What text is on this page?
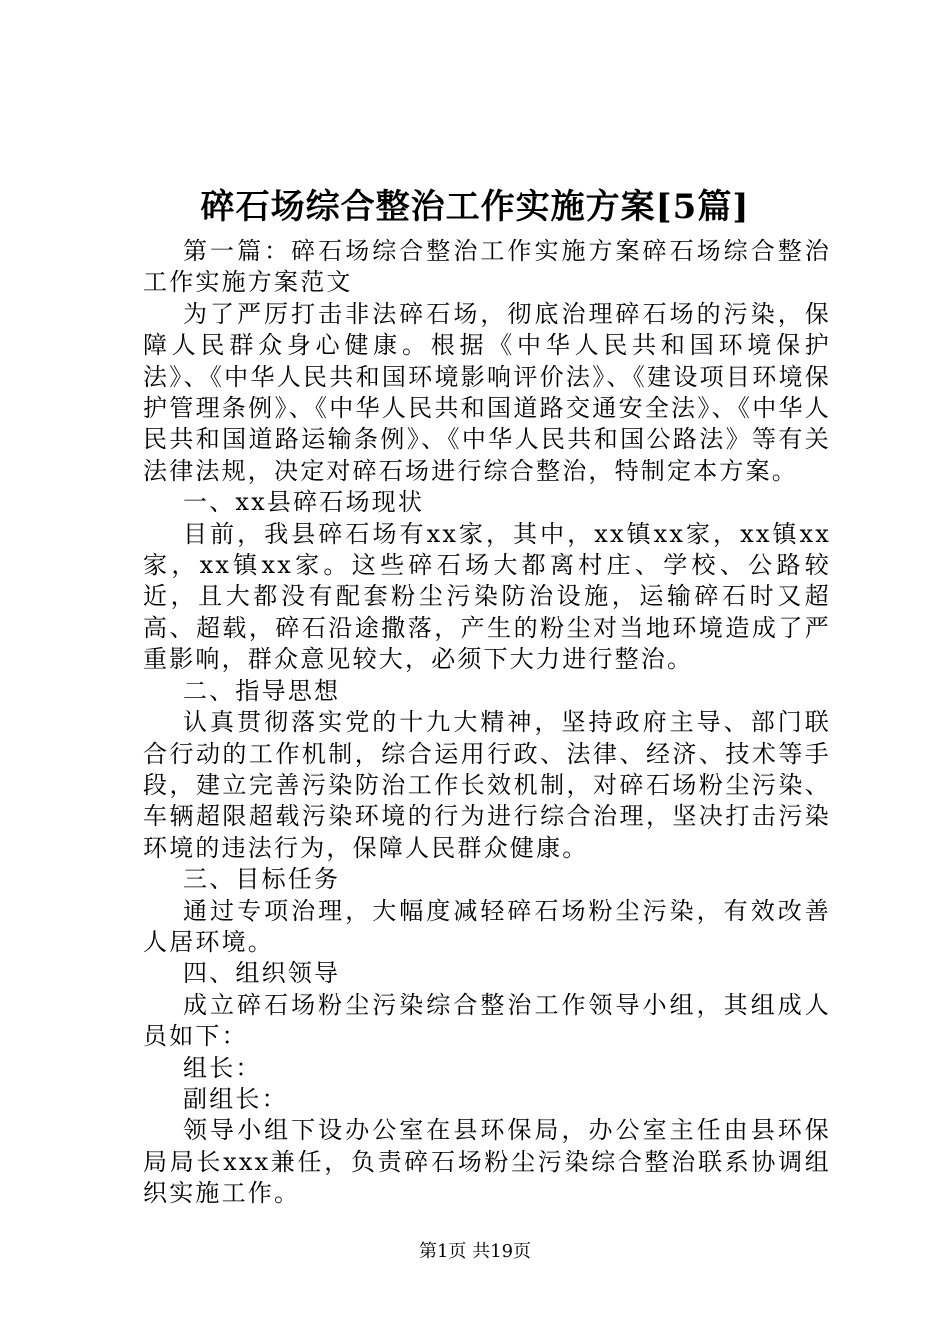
碎石场综合整治工作实施方案[5篇]

第一篇：碎石场综合整治工作实施方案碎石场综合整治工作实施方案范文

为了严厉打击非法碎石场，彻底治理碎石场的污染，保障人民群众身心健康。根据《中华人民共和国环境保护法》、《中华人民共和国环境影响评价法》、《建设项目环境保护管理条例》、《中华人民共和国道路交通安全法》、《中华人民共和国道路运输条例》、《中华人民共和国公路法》等有关法律法规，决定对碎石场进行综合整治，特制定本方案。

一、xx县碎石场现状

目前，我县碎石场有xx家，其中，xx镇xx家，xx镇xx家，xx镇xx家。这些碎石场大都离村庄、学校、公路较近，且大都没有配套粉尘污染防治设施，运输碎石时又超高、超载，碎石沿途撒落，产生的粉尘对当地环境造成了严重影响，群众意见较大，必须下大力进行整治。

二、指导思想

认真贯彻落实党的十九大精神，坚持政府主导、部门联合行动的工作机制，综合运用行政、法律、经济、技术等手段，建立完善污染防治工作长效机制，对碎石场粉尘污染、车辆超限超载污染环境的行为进行综合治理，坚决打击污染环境的违法行为，保障人民群众健康。

三、目标任务

通过专项治理，大幅度减轻碎石场粉尘污染，有效改善人居环境。

四、组织领导

成立碎石场粉尘污染综合整治工作领导小组，其组成人员如下：

组长：

副组长：

领导小组下设办公室在县环保局，办公室主任由县环保局局长xxx兼任，负责碎石场粉尘污染综合整治联系协调组织实施工作。

第1页 共19页
